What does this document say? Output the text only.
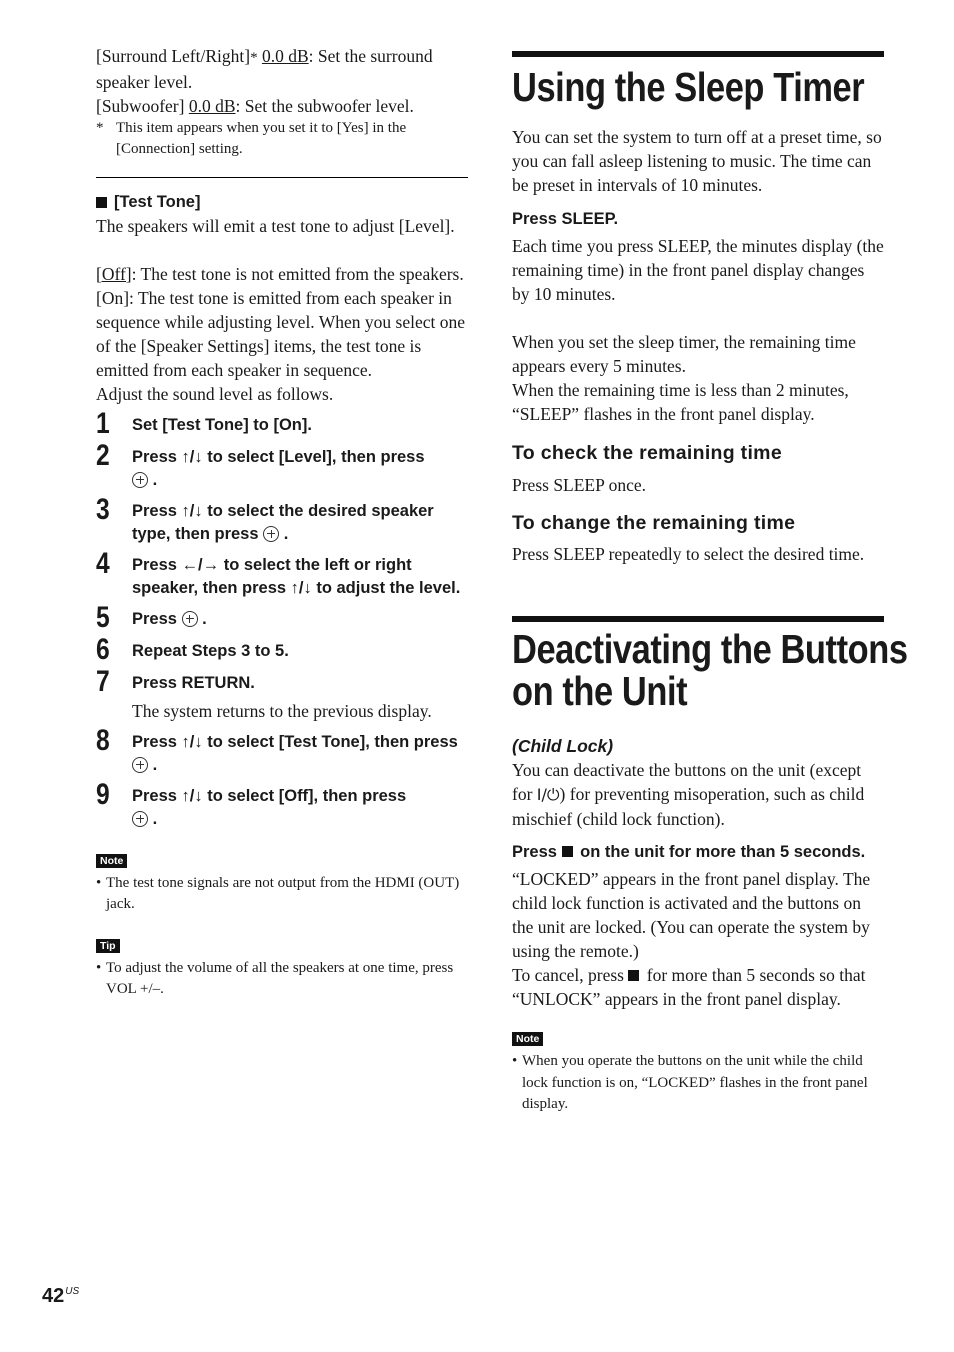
[Surround Left/Right]* 0.0 dB: Set the surround speaker level.

[Subwoofer] 0.0 dB: Set the subwoofer level.

* This item appears when you set it to [Yes] in the [Connection] setting.
[Test Tone]

The speakers will emit a test tone to adjust [Level].

[Off]: The test tone is not emitted from the speakers.

[On]: The test tone is emitted from each speaker in sequence while adjusting level. When you select one of the [Speaker Settings] items, the test tone is emitted from each speaker in sequence.

Adjust the sound level as follows.

1	Set [Test Tone] to [On].
2	Press ↑/↓ to select [Level], then press
.
3	Press ↑/↓ to select the desired speaker type, then press .
4	Press ←/→ to select the left or right speaker, then press ↑/↓ to adjust the level.
5	Press .
6	Repeat Steps 3 to 5.
7	Press RETURN.

The system returns to the previous display.

8	Press ↑/↓ to select [Test Tone], then press  .
9	Press ↑/↓ to select [Off], then press
.
Note
• The test tone signals are not output from the HDMI (OUT) jack.
Tip
• To adjust the volume of all the speakers at one time, press VOL +/–.
Using the Sleep Timer

You can set the system to turn off at a preset time, so you can fall asleep listening to music. The time can be preset in intervals of 10 minutes.

Press SLEEP.

Each time you press SLEEP, the minutes display (the remaining time) in the front panel display changes by 10 minutes.

When you set the sleep timer, the remaining time appears every 5 minutes.

When the remaining time is less than 2 minutes, “SLEEP” flashes in the front panel display.

To check the remaining time

Press SLEEP once.

To change the remaining time

Press SLEEP repeatedly to select the desired time.

Deactivating the Buttons
on the Unit

(Child Lock)

You can deactivate the buttons on the unit (except for I/⏻) for preventing misoperation, such as child mischief (child lock function).

Press on the unit for more than 5 seconds.

“LOCKED” appears in the front panel display. The child lock function is activated and the buttons on the unit are locked. (You can operate the system by using the remote.)

To cancel, press for more than 5 seconds so that “UNLOCK” appears in the front panel display.

Note
• When you operate the buttons on the unit while the child lock function is on, “LOCKED” flashes in the front panel display.
$42^{US}$
